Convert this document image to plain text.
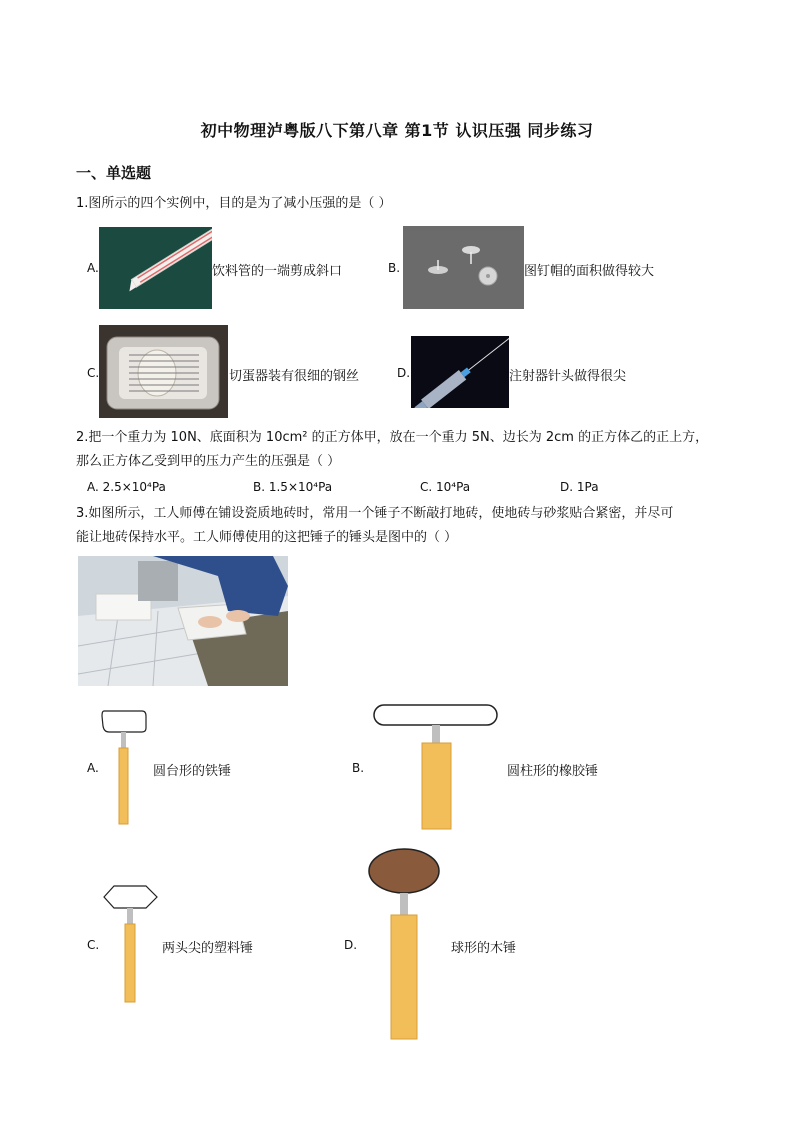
初中物理泸粤版八下第八章 第1节 认识压强 同步练习
一、单选题
1.图所示的四个实例中，目的是为了减小压强的是（ ）
A.	饮料管的一端剪成斜口	B.	图钉帽的面积做得较大
C.	切蛋器装有很细的钢丝	D.	注射器针头做得很尖
2.把一个重力为 10N、底面积为 10cm² 的正方体甲，放在一个重力 5N、边长为 2cm 的正方体乙的正上方，
那么正方体乙受到甲的压力产生的压强是（ ）
A. 2.5×10⁴Pa	B. 1.5×10⁴Pa	C. 10⁴Pa	D. 1Pa
3.如图所示，工人师傅在铺设瓷质地砖时，常用一个锤子不断敲打地砖，使地砖与砂浆贴合紧密，并尽可
能让地砖保持水平。工人师傅使用的这把锤子的锤头是图中的（ ）
A.	圆台形的铁锤	B.	圆柱形的橡胶锤
C.	两头尖的塑料锤	D.	球形的木锤
